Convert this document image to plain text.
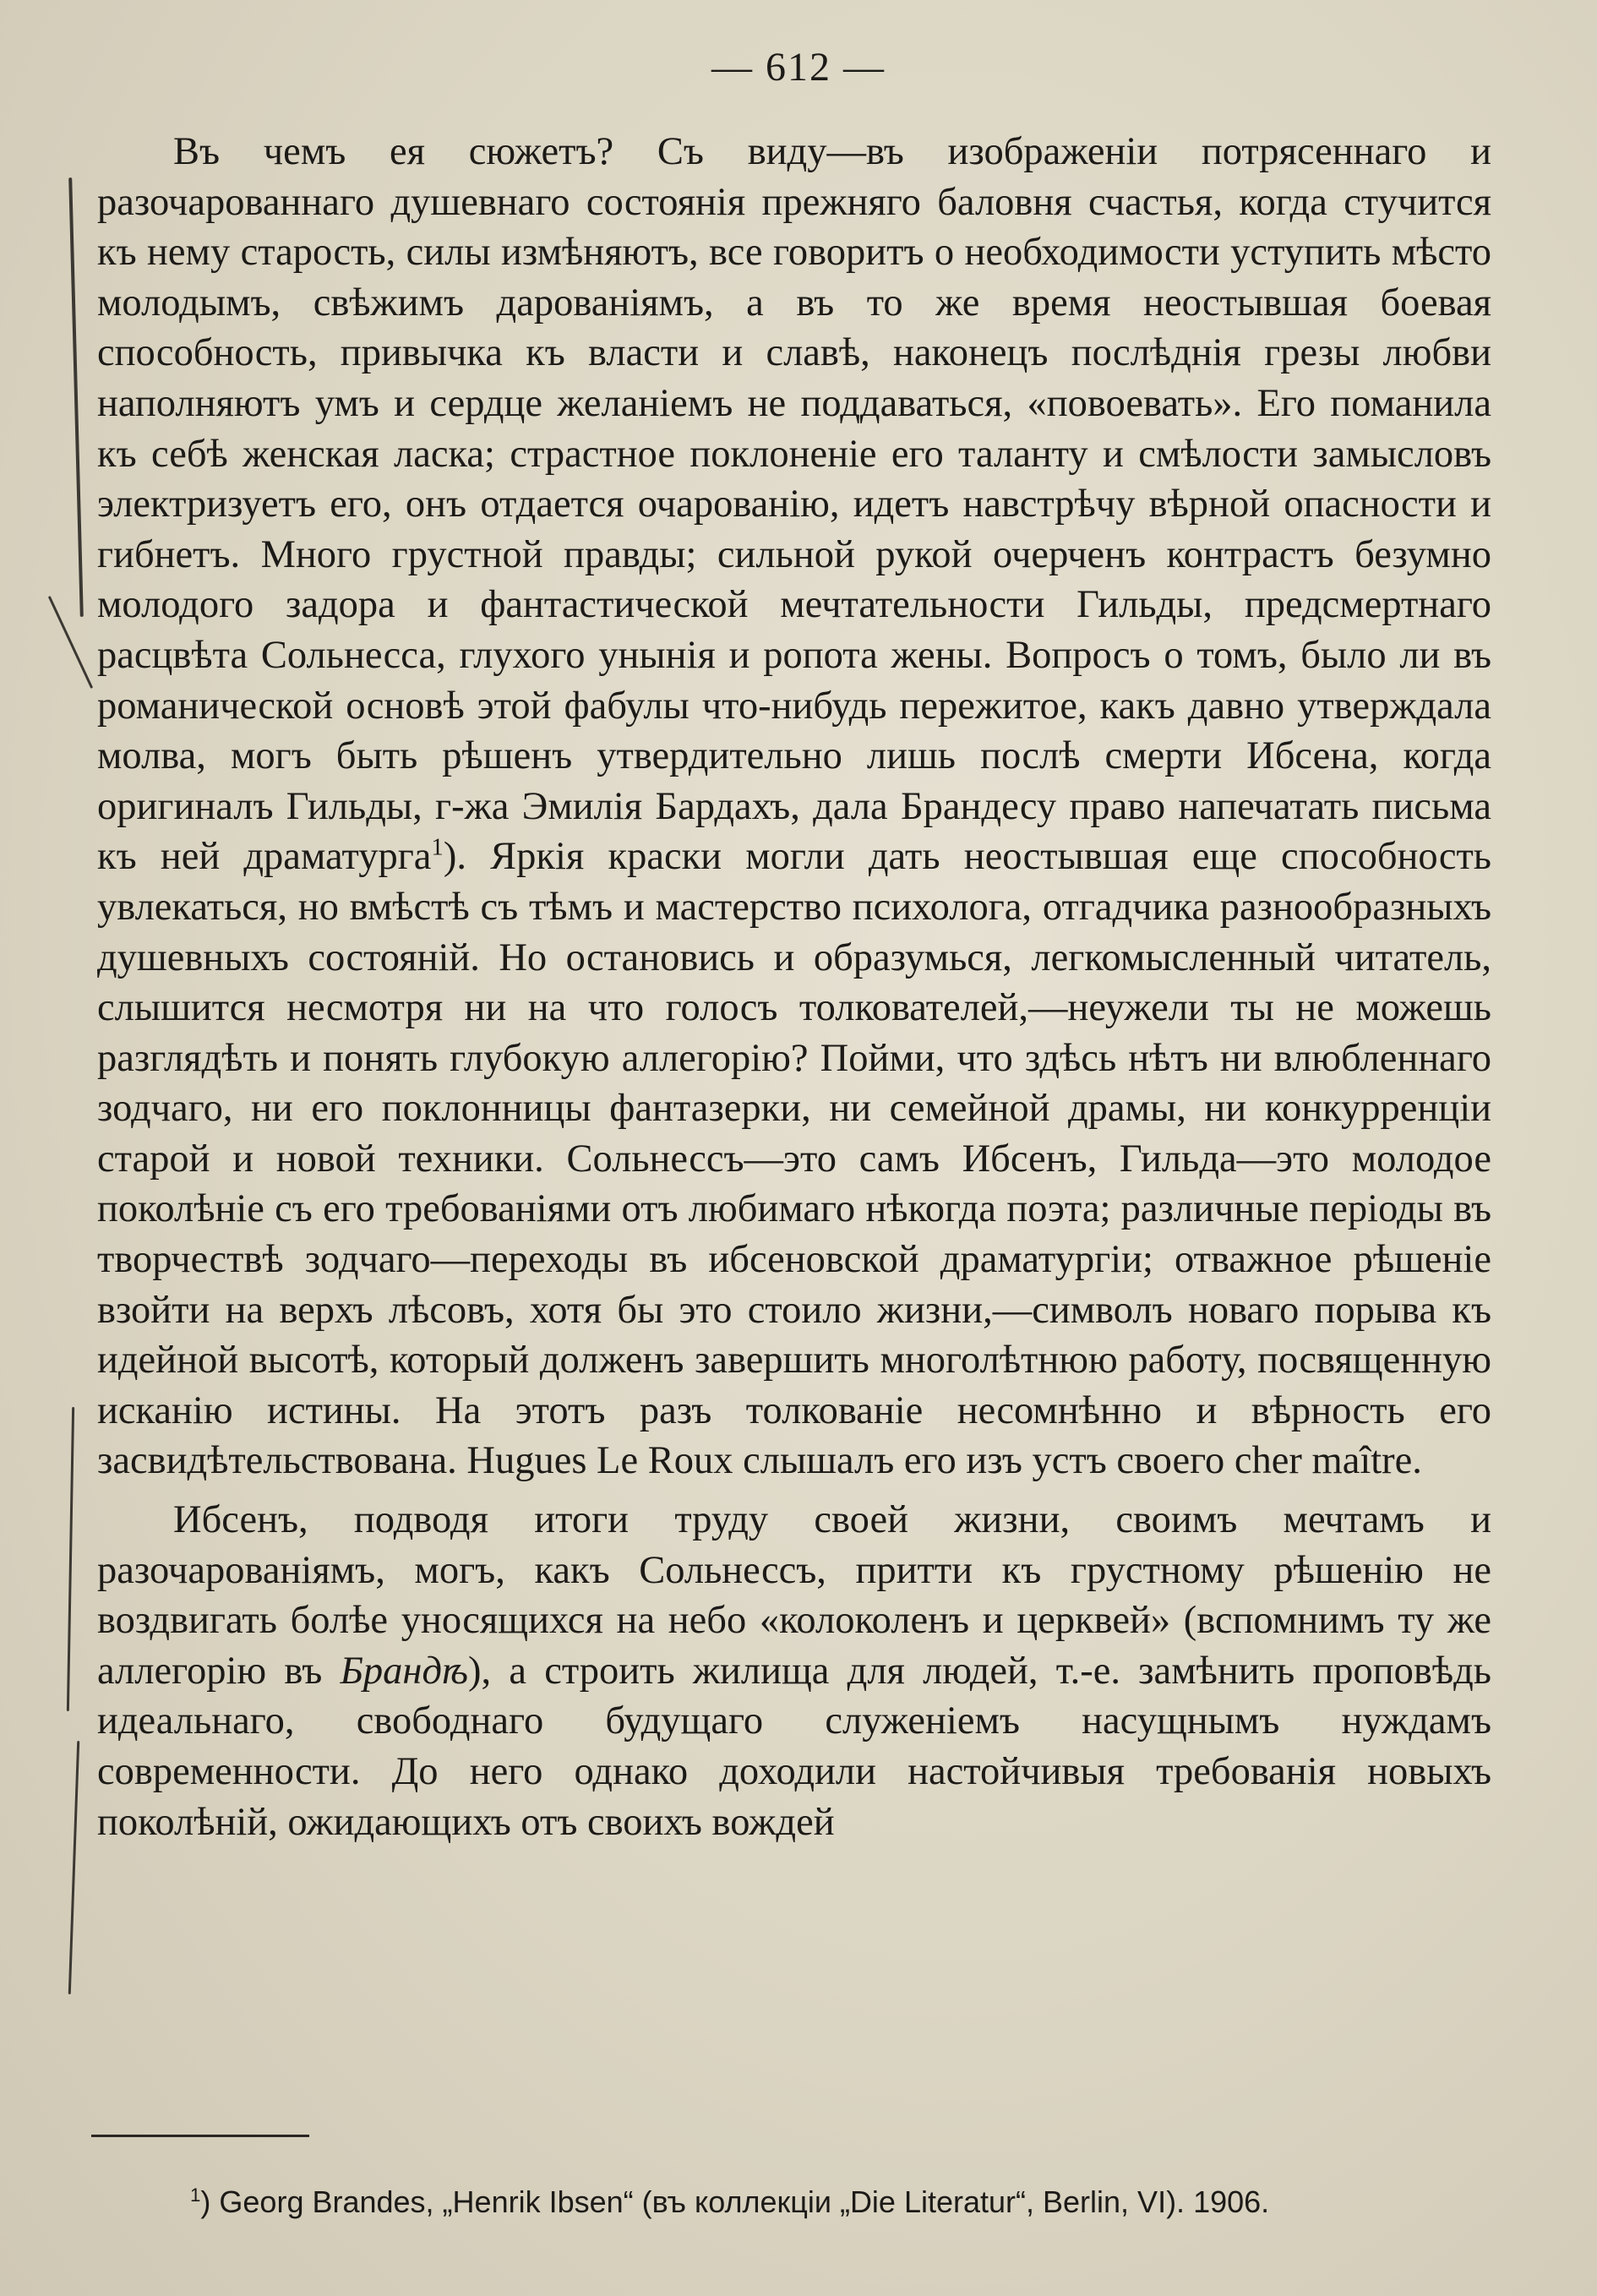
— 612 —

Въ чемъ ея сюжетъ? Съ виду—въ изображеніи потрясеннаго и разочарованнаго душевнаго состоянія прежняго баловня счастья, когда стучится къ нему старость, силы измѣняютъ, все говоритъ о необходимости уступить мѣсто молодымъ, свѣжимъ дарованіямъ, а въ то же время неостывшая боевая способность, привычка къ власти и славѣ, наконецъ послѣднія грезы любви наполняютъ умъ и сердце желаніемъ не поддаваться, «повоевать». Его поманила къ себѣ женская ласка; страстное поклоненіе его таланту и смѣлости замысловъ электризуетъ его, онъ отдается очарованію, идетъ навстрѣчу вѣрной опасности и гибнетъ. Много грустной правды; сильной рукой очерченъ контрастъ безумно молодого задора и фантастической мечтательности Гильды, предсмертнаго расцвѣта Сольнесса, глухого унынія и ропота жены. Вопросъ о томъ, было ли въ романической основѣ этой фабулы что-нибудь пережитое, какъ давно утверждала молва, могъ быть рѣшенъ утвердительно лишь послѣ смерти Ибсена, когда оригиналъ Гильды, г-жа Эмилія Бардахъ, дала Брандесу право напечатать письма къ ней драматурга$^1$). Яркія краски могли дать неостывшая еще способность увлекаться, но вмѣстѣ съ тѣмъ и мастерство психолога, отгадчика разнообразныхъ душевныхъ состояній. Но остановись и образумься, легкомысленный читатель, слышится несмотря ни на что голосъ толкователей,—неужели ты не можешь разглядѣть и понять глубокую аллегорію? Пойми, что здѣсь нѣтъ ни влюбленнаго зодчаго, ни его поклонницы фантазерки, ни семейной драмы, ни конкурренціи старой и новой техники. Сольнессъ—это самъ Ибсенъ, Гильда—это молодое поколѣніе съ его требованіями отъ любимаго нѣкогда поэта; различные періоды въ творчествѣ зодчаго—переходы въ ибсеновской драматургіи; отважное рѣшеніе взойти на верхъ лѣсовъ, хотя бы это стоило жизни,—символъ новаго порыва къ идейной высотѣ, который долженъ завершить многолѣтнюю работу, посвященную исканію истины. На этотъ разъ толкованіе несомнѣнно и вѣрность его засвидѣтельствована. Hugues Le Roux слышалъ его изъ устъ своего cher maître.

Ибсенъ, подводя итоги труду своей жизни, своимъ мечтамъ и разочарованіямъ, могъ, какъ Сольнессъ, притти къ грустному рѣшенію не воздвигать болѣе уносящихся на небо «колоколенъ и церквей» (вспомнимъ ту же аллегорію въ Брандѣ), а строить жилища для людей, т.-е. замѣнить проповѣдь идеальнаго, свободнаго будущаго служеніемъ насущнымъ нуждамъ современности. До него однако доходили настойчивыя требованія новыхъ поколѣній, ожидающихъ отъ своихъ вождей

$^1$) Georg Brandes, „Henrik Ibsen“ (въ коллекціи „Die Literatur“, Berlin, VI). 1906.
